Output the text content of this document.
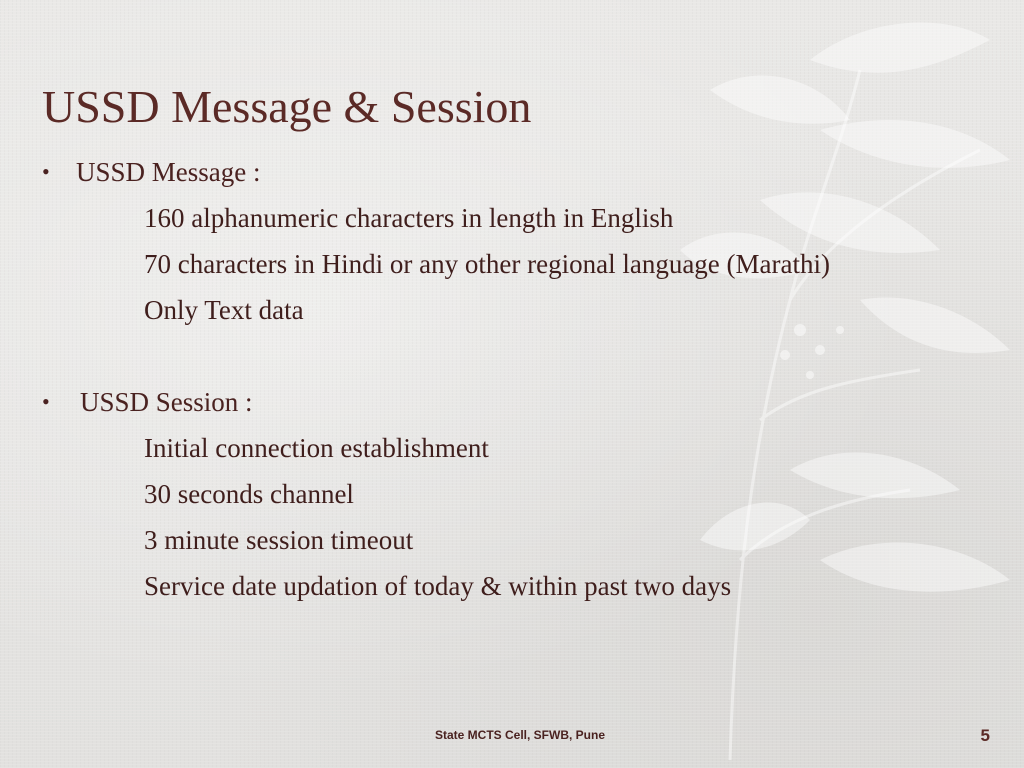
USSD Message & Session
• USSD Message :
160 alphanumeric characters in length in English
70 characters in Hindi or any other regional language (Marathi)
Only Text data
• USSD Session :
Initial connection establishment
30 seconds channel
3 minute session timeout
Service date updation of today & within past two days
State MCTS Cell, SFWB, Pune	5
